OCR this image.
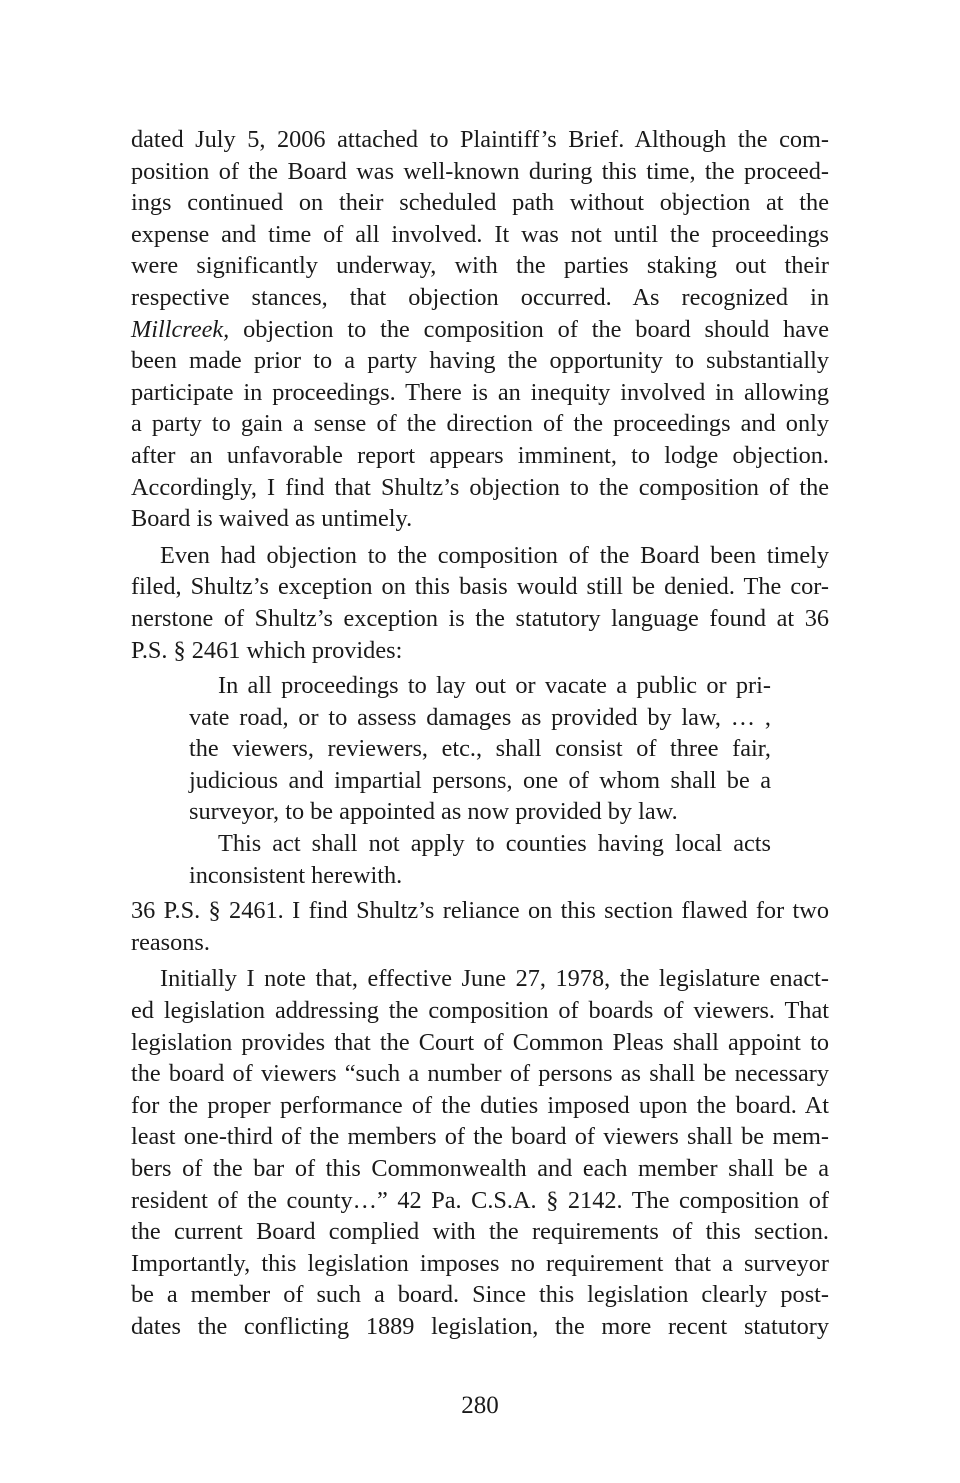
dated July 5, 2006 attached to Plaintiff’s Brief. Although the com-
position of the Board was well-known during this time, the proceed-
ings continued on their scheduled path without objection at the
expense and time of all involved. It was not until the proceedings
were significantly underway, with the parties staking out their
respective stances, that objection occurred. As recognized in
Millcreek, objection to the composition of the board should have
been made prior to a party having the opportunity to substantially
participate in proceedings. There is an inequity involved in allowing
a party to gain a sense of the direction of the proceedings and only
after an unfavorable report appears imminent, to lodge objection.
Accordingly, I find that Shultz’s objection to the composition of the
Board is waived as untimely.
Even had objection to the composition of the Board been timely
filed, Shultz’s exception on this basis would still be denied. The cor-
nerstone of Shultz’s exception is the statutory language found at 36
P.S. § 2461 which provides:
In all proceedings to lay out or vacate a public or pri-
vate road, or to assess damages as provided by law, … ,
the viewers, reviewers, etc., shall consist of three fair,
judicious and impartial persons, one of whom shall be a
surveyor, to be appointed as now provided by law.
This act shall not apply to counties having local acts
inconsistent herewith.
36 P.S. § 2461. I find Shultz’s reliance on this section flawed for two
reasons.
Initially I note that, effective June 27, 1978, the legislature enact-
ed legislation addressing the composition of boards of viewers. That
legislation provides that the Court of Common Pleas shall appoint to
the board of viewers “such a number of persons as shall be necessary
for the proper performance of the duties imposed upon the board. At
least one-third of the members of the board of viewers shall be mem-
bers of the bar of this Commonwealth and each member shall be a
resident of the county…” 42 Pa. C.S.A. § 2142. The composition of
the current Board complied with the requirements of this section.
Importantly, this legislation imposes no requirement that a surveyor
be a member of such a board. Since this legislation clearly post-
dates the conflicting 1889 legislation, the more recent statutory
280
